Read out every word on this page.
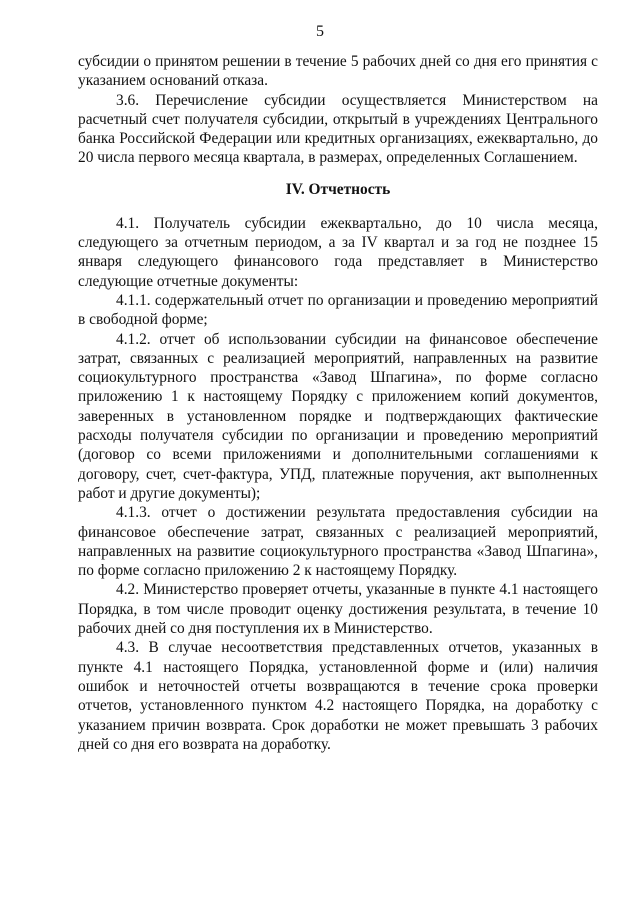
5

субсидии о принятом решении в течение 5 рабочих дней со дня его принятия с указанием оснований отказа.

3.6. Перечисление субсидии осуществляется Министерством на расчетный счет получателя субсидии, открытый в учреждениях Центрального банка Российской Федерации или кредитных организациях, ежеквартально, до 20 числа первого месяца квартала, в размерах, определенных Соглашением.

IV. Отчетность

4.1. Получатель субсидии ежеквартально, до 10 числа месяца, следующего за отчетным периодом, а за IV квартал и за год не позднее 15 января следующего финансового года представляет в Министерство следующие отчетные документы:

4.1.1. содержательный отчет по организации и проведению мероприятий в свободной форме;

4.1.2. отчет об использовании субсидии на финансовое обеспечение затрат, связанных с реализацией мероприятий, направленных на развитие социокультурного пространства «Завод Шпагина», по форме согласно приложению 1 к настоящему Порядку с приложением копий документов, заверенных в установленном порядке и подтверждающих фактические расходы получателя субсидии по организации и проведению мероприятий (договор со всеми приложениями и дополнительными соглашениями к договору, счет, счет-фактура, УПД, платежные поручения, акт выполненных работ и другие документы);

4.1.3. отчет о достижении результата предоставления субсидии на финансовое обеспечение затрат, связанных с реализацией мероприятий, направленных на развитие социокультурного пространства «Завод Шпагина», по форме согласно приложению 2 к настоящему Порядку.

4.2. Министерство проверяет отчеты, указанные в пункте 4.1 настоящего Порядка, в том числе проводит оценку достижения результата, в течение 10 рабочих дней со дня поступления их в Министерство.

4.3. В случае несоответствия представленных отчетов, указанных в пункте 4.1 настоящего Порядка, установленной форме и (или) наличия ошибок и неточностей отчеты возвращаются в течение срока проверки отчетов, установленного пунктом 4.2 настоящего Порядка, на доработку с указанием причин возврата. Срок доработки не может превышать 3 рабочих дней со дня его возврата на доработку.
